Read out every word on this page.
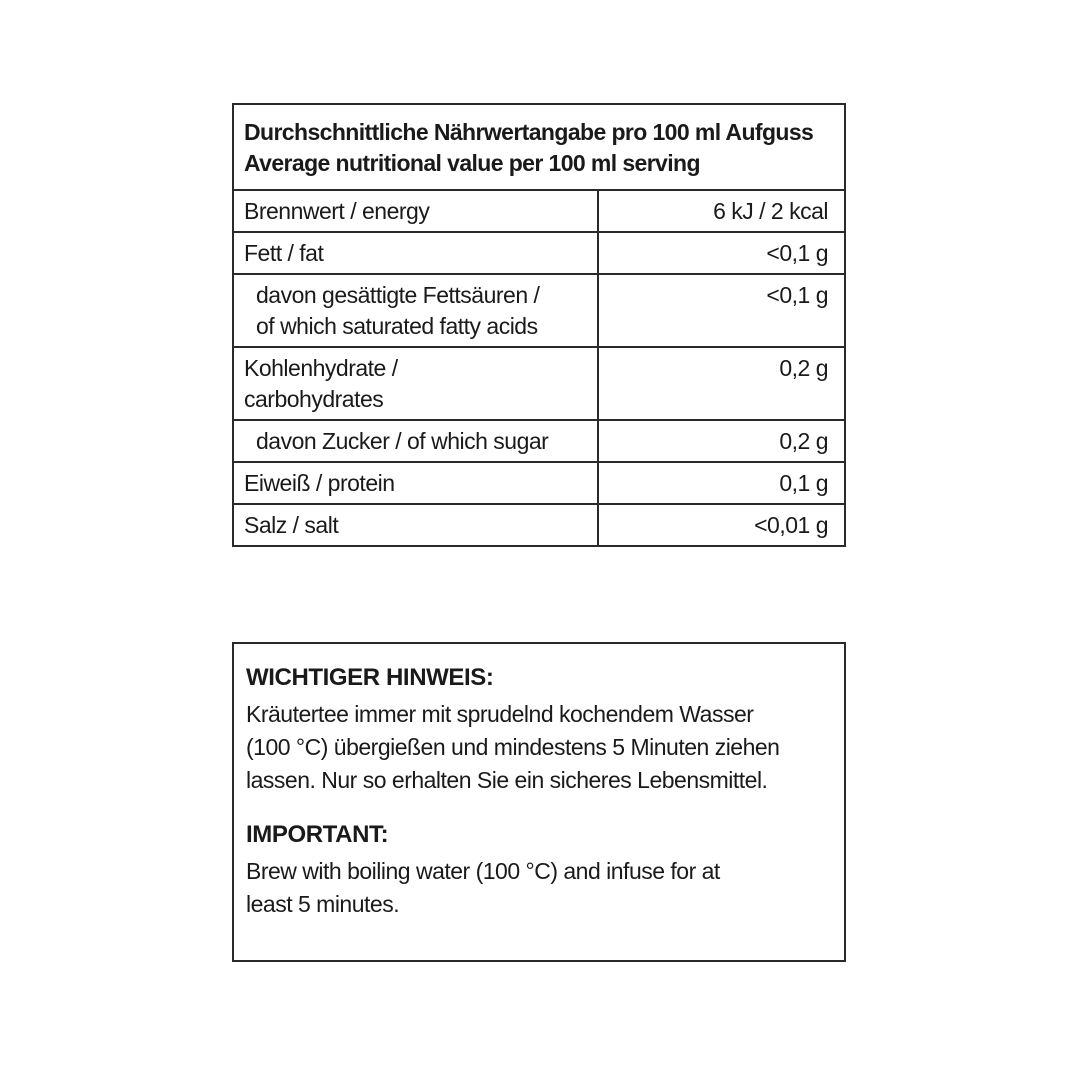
Durchschnittliche Nährwertangabe pro 100 ml Aufguss
Average nutritional value per 100 ml serving
Brennwert / energy	6 kJ / 2 kcal

Fett / fat	<0,1 g

davon gesättigte Fettsäuren /
of which saturated fatty acids	<0,1 g

Kohlenhydrate /
carbohydrates	0,2 g

davon Zucker / of which sugar	0,2 g

Eiweiß / protein	0,1 g

Salz / salt	<0,01 g
WICHTIGER HINWEIS:

Kräutertee immer mit sprudelnd kochendem Wasser
(100 °C) übergießen und mindestens 5 Minuten ziehen
lassen. Nur so erhalten Sie ein sicheres Lebensmittel.

IMPORTANT:

Brew with boiling water (100 °C) and infuse for at
least 5 minutes.
